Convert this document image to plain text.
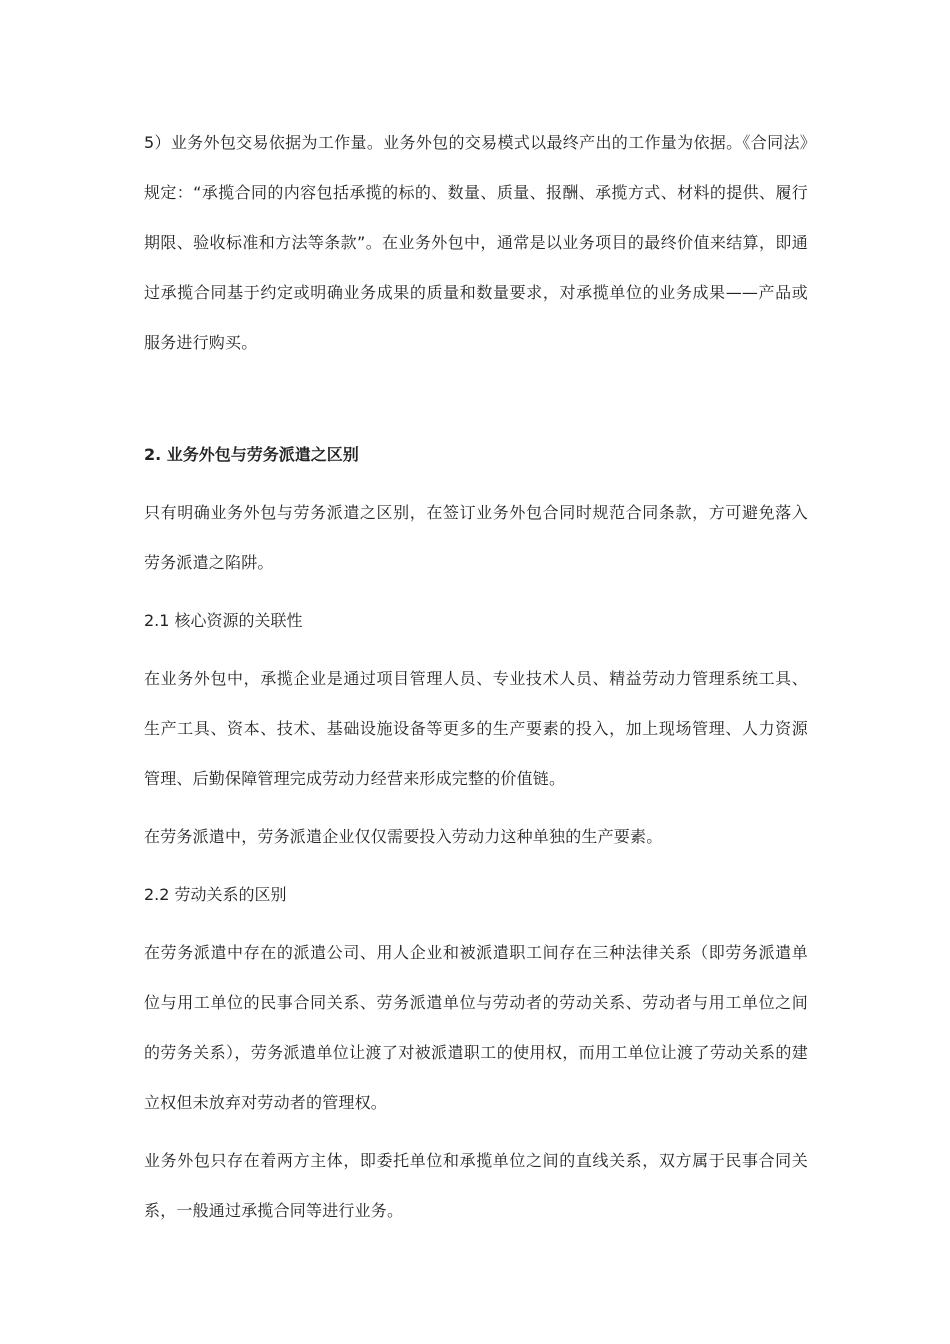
5）业务外包交易依据为工作量。业务外包的交易模式以最终产出的工作量为依据。《合同法》规定：“承揽合同的内容包括承揽的标的、数量、质量、报酬、承揽方式、材料的提供、履行期限、验收标准和方法等条款”。在业务外包中，通常是以业务项目的最终价值来结算，即通过承揽合同基于约定或明确业务成果的质量和数量要求，对承揽单位的业务成果——产品或服务进行购买。

2. 业务外包与劳务派遣之区别

只有明确业务外包与劳务派遣之区别，在签订业务外包合同时规范合同条款，方可避免落入劳务派遣之陷阱。

2.1 核心资源的关联性

在业务外包中，承揽企业是通过项目管理人员、专业技术人员、精益劳动力管理系统工具、生产工具、资本、技术、基础设施设备等更多的生产要素的投入，加上现场管理、人力资源管理、后勤保障管理完成劳动力经营来形成完整的价值链。

在劳务派遣中，劳务派遣企业仅仅需要投入劳动力这种单独的生产要素。

2.2 劳动关系的区别

在劳务派遣中存在的派遣公司、用人企业和被派遣职工间存在三种法律关系（即劳务派遣单位与用工单位的民事合同关系、劳务派遣单位与劳动者的劳动关系、劳动者与用工单位之间的劳务关系），劳务派遣单位让渡了对被派遣职工的使用权，而用工单位让渡了劳动关系的建立权但未放弃对劳动者的管理权。

业务外包只存在着两方主体，即委托单位和承揽单位之间的直线关系，双方属于民事合同关系，一般通过承揽合同等进行业务。
